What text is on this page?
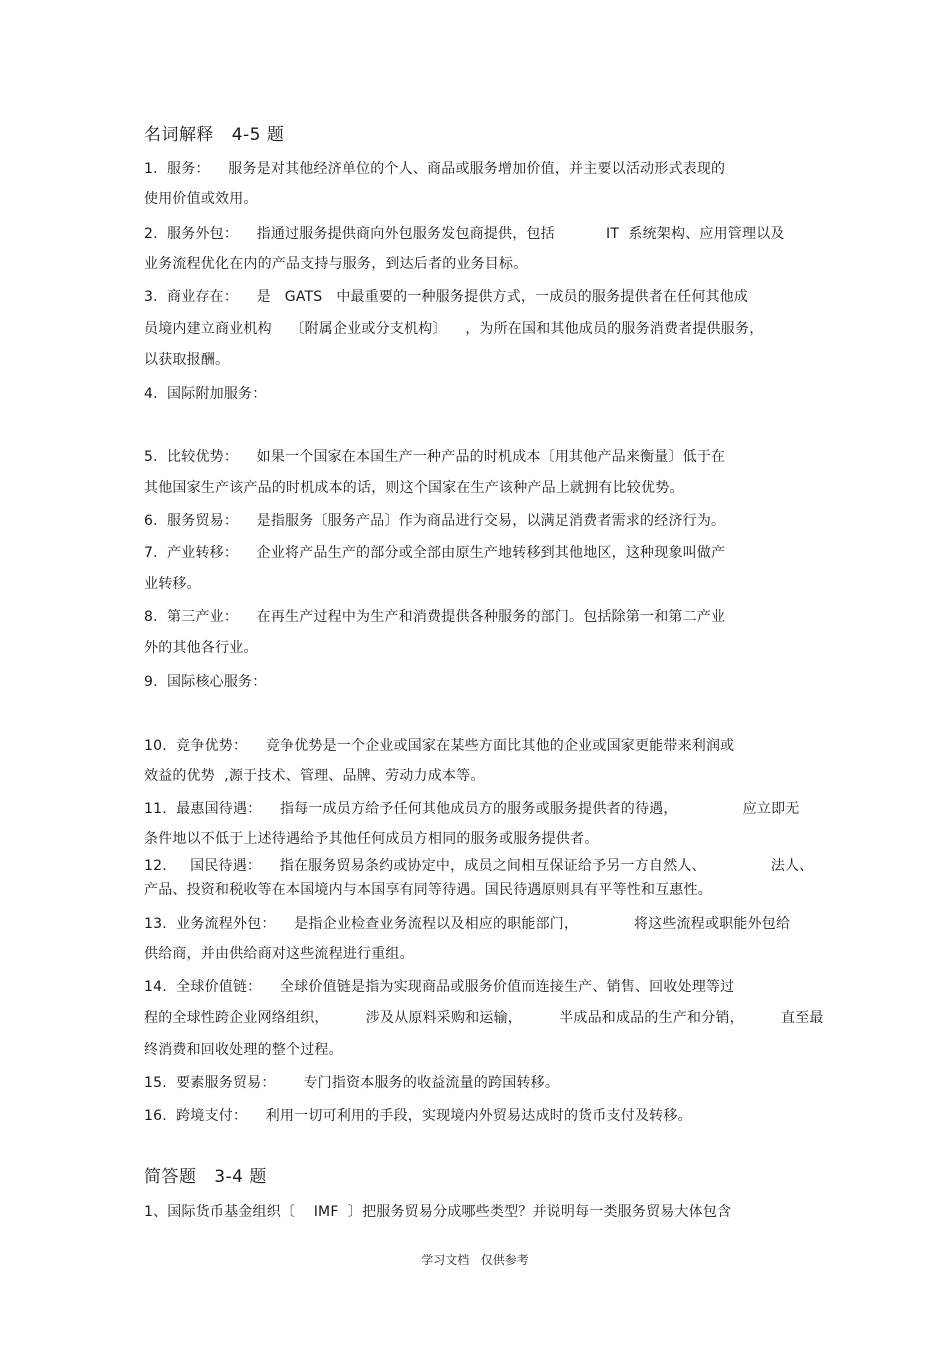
名词解释   4-5 题
1.  服务：    服务是对其他经济单位的个人、商品或服务增加价值，并主要以活动形式表现的
使用价值或效用。
2.  服务外包：    指通过服务提供商向外包服务发包商提供，包括           IT  系统架构、应用管理以及
业务流程优化在内的产品支持与服务，到达后者的业务目标。
3.  商业存在：    是   GATS   中最重要的一种服务提供方式，一成员的服务提供者在任何其他成
员境内建立商业机构    〔附属企业或分支机构〕    ，为所在国和其他成员的服务消费者提供服务，
以获取报酬。
4.  国际附加服务：
5.  比较优势：    如果一个国家在本国生产一种产品的时机成本〔用其他产品来衡量〕低于在
其他国家生产该产品的时机成本的话，则这个国家在生产该种产品上就拥有比较优势。
6.  服务贸易：    是指服务〔服务产品〕作为商品进行交易，以满足消费者需求的经济行为。
7.  产业转移：    企业将产品生产的部分或全部由原生产地转移到其他地区，这种现象叫做产
业转移。
8.  第三产业：    在再生产过程中为生产和消费提供各种服务的部门。包括除第一和第二产业
外的其他各行业。
9.  国际核心服务：
10.  竞争优势：    竞争优势是一个企业或国家在某些方面比其他的企业或国家更能带来利润或
效益的优势  ,源于技术、管理、品牌、劳动力成本等。
11.  最惠国待遇：    指每一成员方给予任何其他成员方的服务或服务提供者的待遇，              应立即无
条件地以不低于上述待遇给予其他任何成员方相同的服务或服务提供者。
12.     国民待遇：    指在服务贸易条约或协定中，成员之间相互保证给予另一方自然人、              法人、
产品、投资和税收等在本国境内与本国享有同等待遇。国民待遇原则具有平等性和互惠性。
13.  业务流程外包：    是指企业检查业务流程以及相应的职能部门，            将这些流程或职能外包给
供给商，并由供给商对这些流程进行重组。
14.  全球价值链：    全球价值链是指为实现商品或服务价值而连接生产、销售、回收处理等过
程的全球性跨企业网络组织，        涉及从原料采购和运输，        半成品和成品的生产和分销，        直至最
终消费和回收处理的整个过程。
15.  要素服务贸易：      专门指资本服务的收益流量的跨国转移。
16.  跨境支付：    利用一切可利用的手段，实现境内外贸易达成时的货币支付及转移。
简答题   3-4 题
1、国际货币基金组织〔    IMF  〕把服务贸易分成哪些类型？并说明每一类服务贸易大体包含
学习文档   仅供参考
